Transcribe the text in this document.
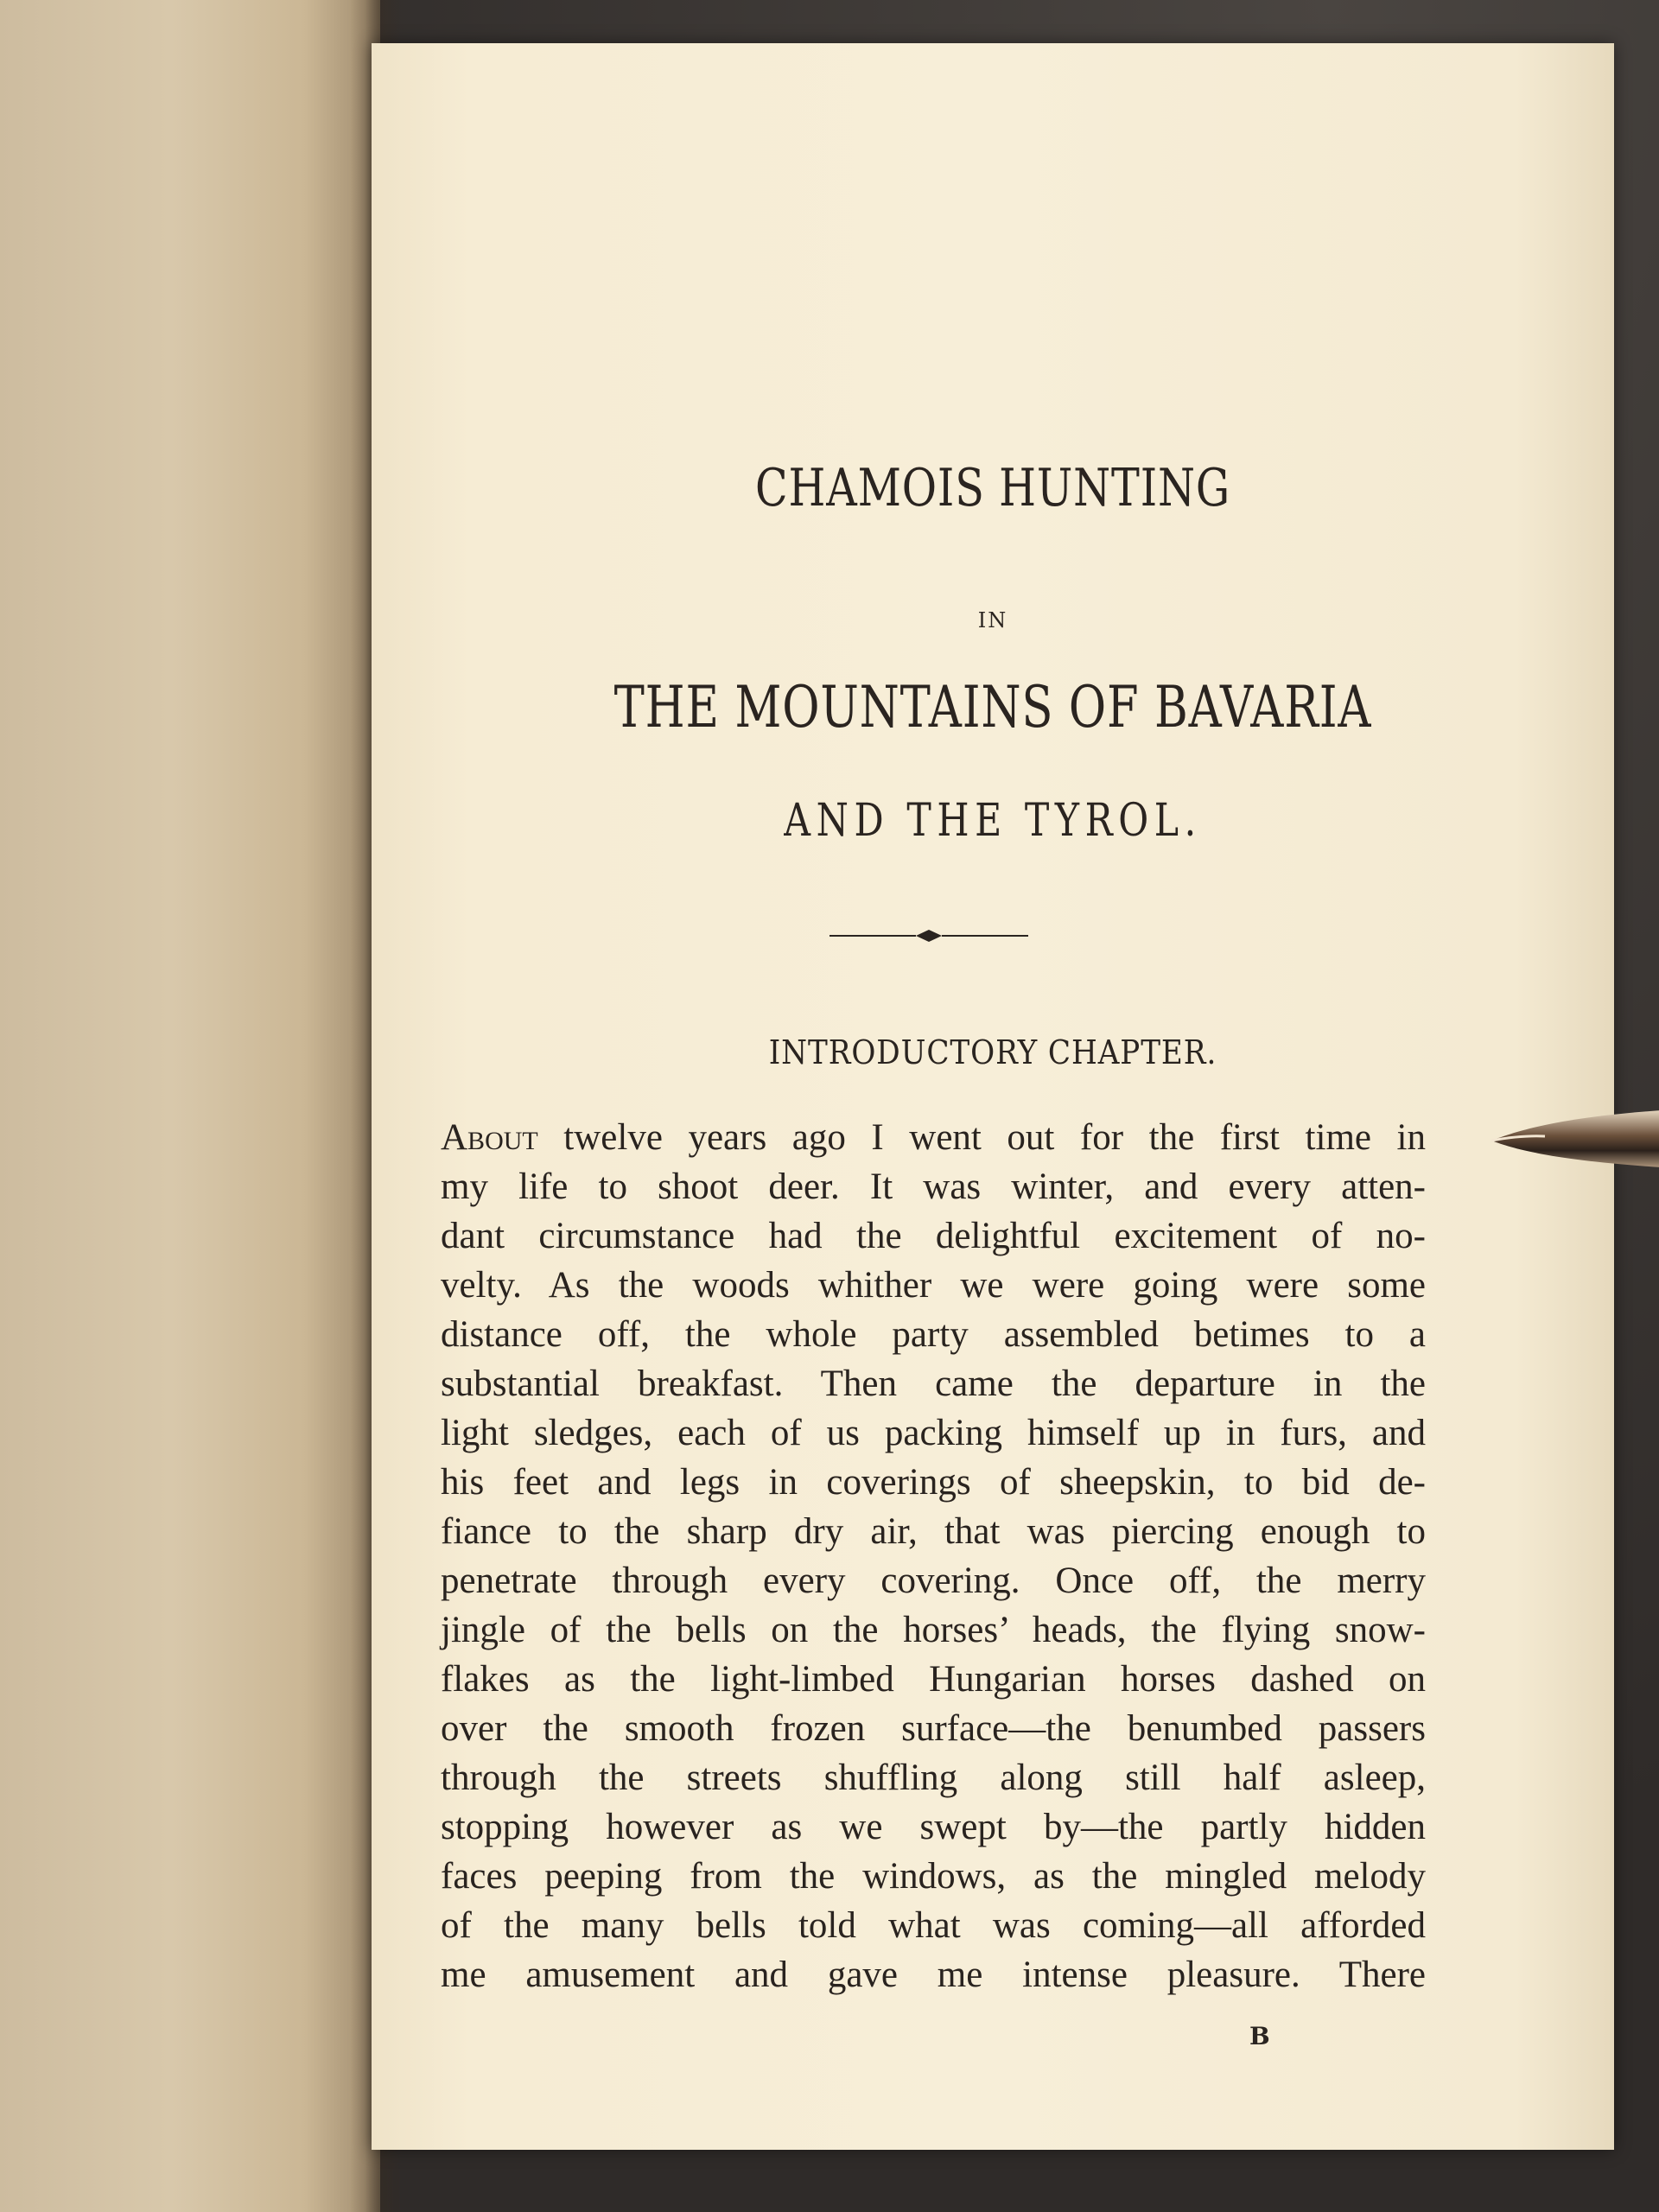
CHAMOIS HUNTING
IN
THE MOUNTAINS OF BAVARIA
AND THE TYROL.
INTRODUCTORY CHAPTER.
About twelve years ago I went out for the first time in
my life to shoot deer. It was winter, and every atten-
dant circumstance had the delightful excitement of no-
velty. As the woods whither we were going were some
distance off, the whole party assembled betimes to a
substantial breakfast. Then came the departure in the
light sledges, each of us packing himself up in furs, and
his feet and legs in coverings of sheepskin, to bid de-
fiance to the sharp dry air, that was piercing enough to
penetrate through every covering. Once off, the merry
jingle of the bells on the horses’ heads, the flying snow-
flakes as the light-limbed Hungarian horses dashed on
over the smooth frozen surface—the benumbed passers
through the streets shuffling along still half asleep,
stopping however as we swept by—the partly hidden
faces peeping from the windows, as the mingled melody
of the many bells told what was coming—all afforded
me amusement and gave me intense pleasure. There
B
